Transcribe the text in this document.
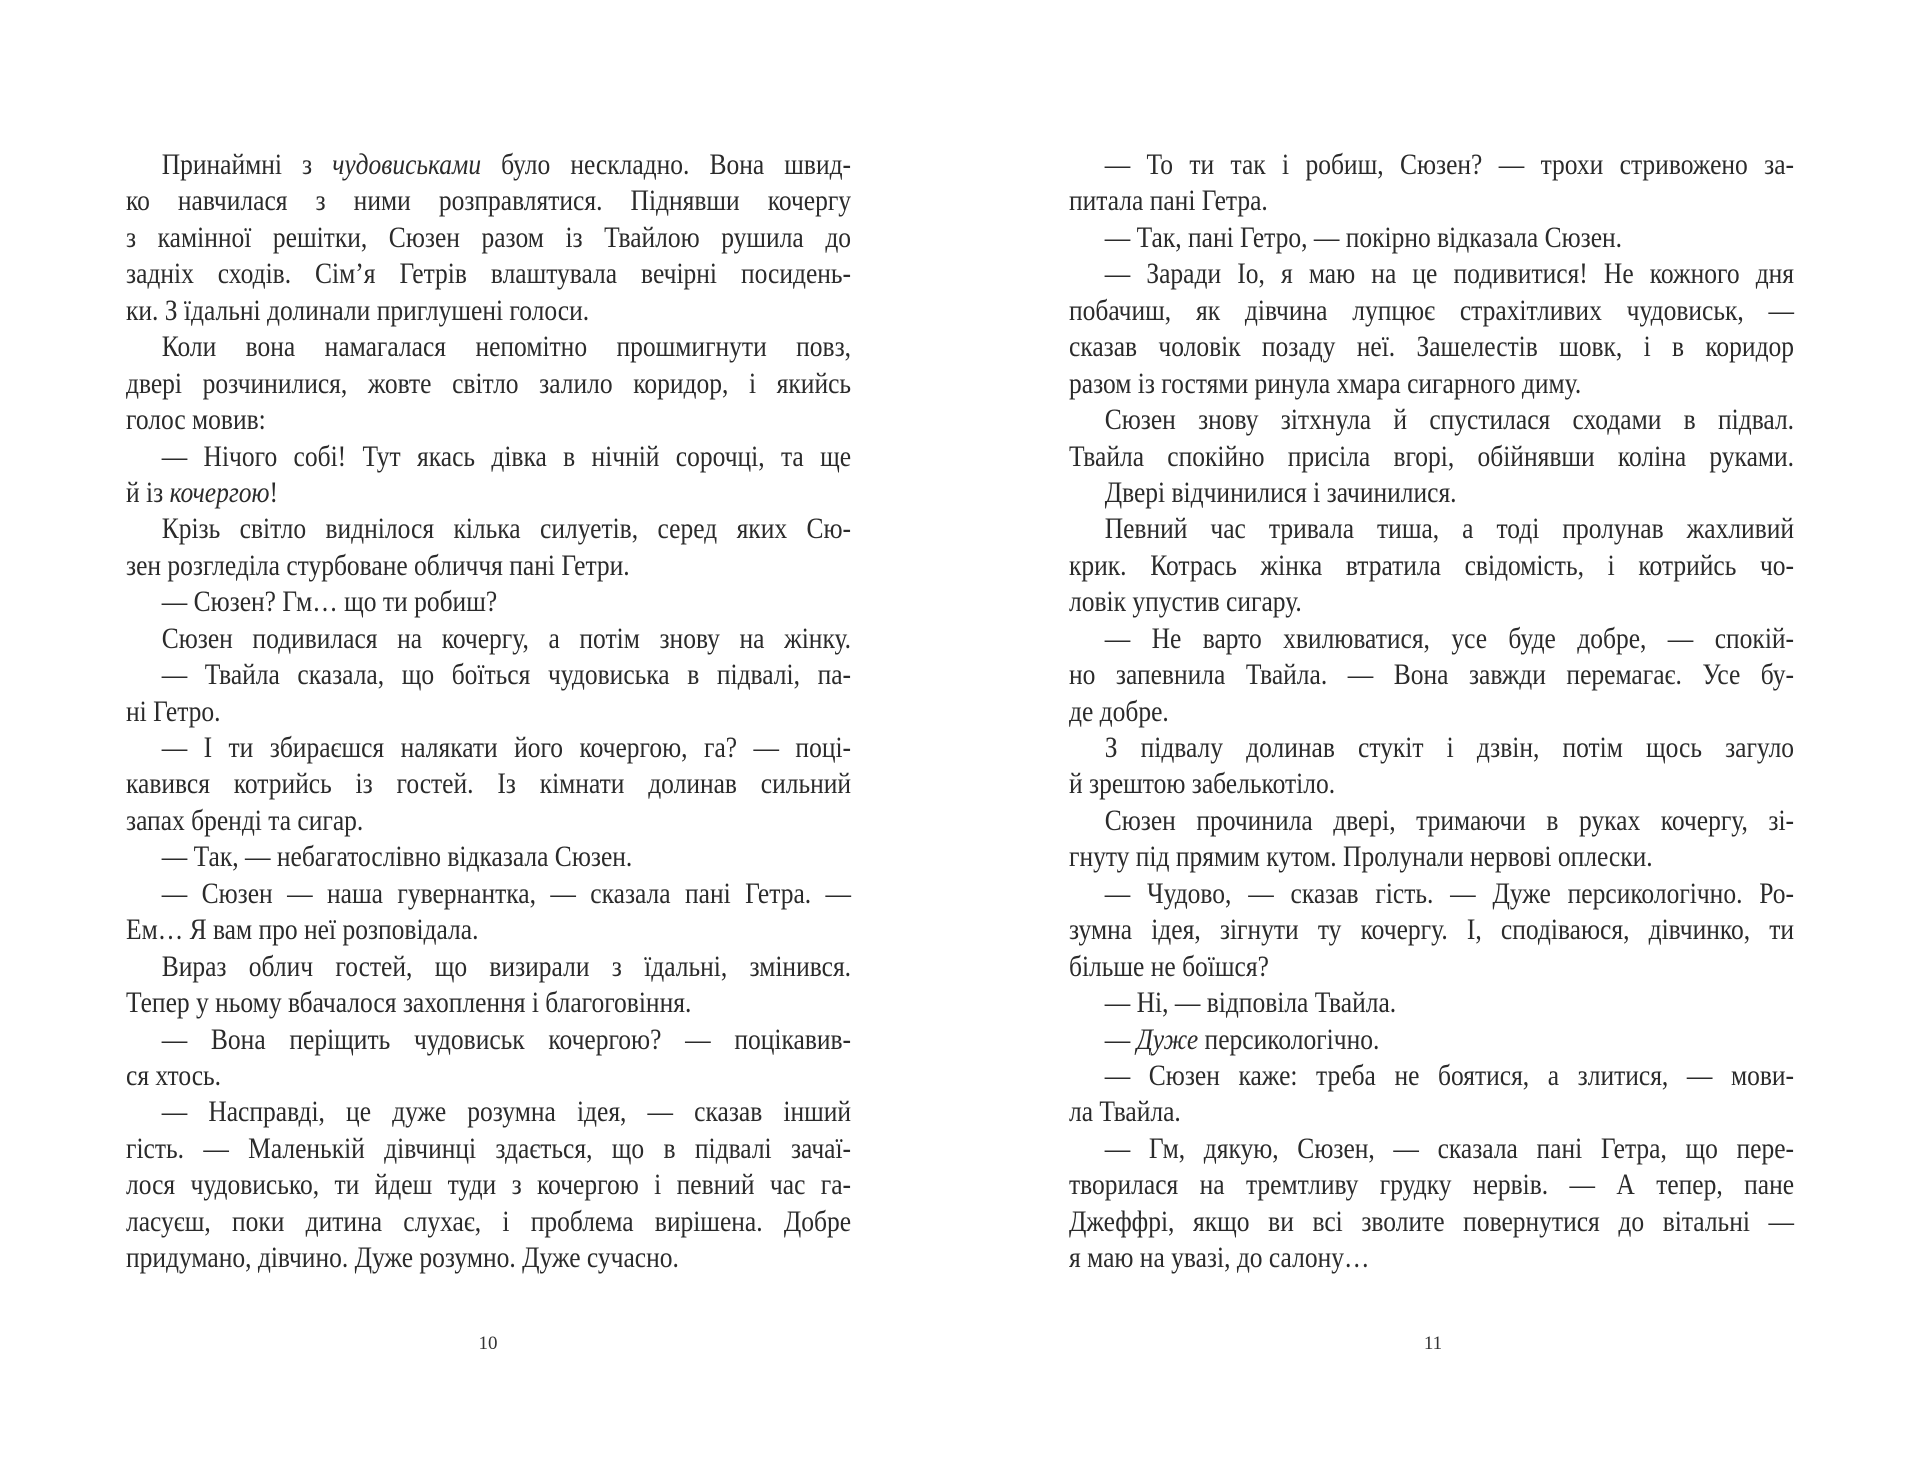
Принаймні з чудовиськами було нескладно. Вона швид-
ко навчилася з ними розправлятися. Піднявши кочергу
з камінної решітки, Сюзен разом із Твайлою рушила до
задніх сходів. Сім’я Гетрів влаштувала вечірні посидень-
ки. З їдальні долинали приглушені голоси.
Коли вона намагалася непомітно прошмигнути повз,
двері розчинилися, жовте світло залило коридор, і якийсь
голос мовив:
— Нічого собі! Тут якась дівка в нічній сорочці, та ще
й із кочергою!
Крізь світло виднілося кілька силуетів, серед яких Сю-
зен розгледіла стурбоване обличчя пані Гетри.
— Сюзен? Гм… що ти робиш?
Сюзен подивилася на кочергу, а потім знову на жінку.
— Твайла сказала, що боїться чудовиська в підвалі, па-
ні Гетро.
— І ти збираєшся налякати його кочергою, га? — поці-
кавився котрийсь із гостей. Із кімнати долинав сильний
запах бренді та сигар.
— Так, — небагатослівно відказала Сюзен.
— Сюзен — наша гувернантка, — сказала пані Гетра. —
Ем… Я вам про неї розповідала.
Вираз облич гостей, що визирали з їдальні, змінився.
Тепер у ньому вбачалося захоплення і благоговіння.
— Вона періщить чудовиськ кочергою? — поцікавив-
ся хтось.
— Насправді, це дуже розумна ідея, — сказав інший
гість. — Маленькій дівчинці здається, що в підвалі зачаї-
лося чудовисько, ти йдеш туди з кочергою і певний час га-
ласуєш, поки дитина слухає, і проблема вирішена. Добре
придумано, дівчино. Дуже розумно. Дуже сучасно.
— То ти так і робиш, Сюзен? — трохи стривожено за-
питала пані Гетра.
— Так, пані Гетро, — покірно відказала Сюзен.
— Заради Іо, я маю на це подивитися! Не кожного дня
побачиш, як дівчина лупцює страхітливих чудовиськ, —
сказав чоловік позаду неї. Зашелестів шовк, і в коридор
разом із гостями ринула хмара сигарного диму.
Сюзен знову зітхнула й спустилася сходами в підвал.
Твайла спокійно присіла вгорі, обійнявши коліна руками.
Двері відчинилися і зачинилися.
Певний час тривала тиша, а тоді пролунав жахливий
крик. Котрась жінка втратила свідомість, і котрийсь чо-
ловік упустив сигару.
— Не варто хвилюватися, усе буде добре, — спокій-
но запевнила Твайла. — Вона завжди перемагає. Усе бу-
де добре.
З підвалу долинав стукіт і дзвін, потім щось загуло
й зрештою забелькотіло.
Сюзен прочинила двері, тримаючи в руках кочергу, зі-
гнуту під прямим кутом. Пролунали нервові оплески.
— Чудово, — сказав гість. — Дуже персикологічно. Ро-
зумна ідея, зігнути ту кочергу. І, сподіваюся, дівчинко, ти
більше не боїшся?
— Ні, — відповіла Твайла.
— Дуже персикологічно.
— Сюзен каже: треба не боятися, а злитися, — мови-
ла Твайла.
— Гм, дякую, Сюзен, — сказала пані Гетра, що пере-
творилася на тремтливу грудку нервів. — А тепер, пане
Джеффрі, якщо ви всі зволите повернутися до вітальні —
я маю на увазі, до салону…
10	11
